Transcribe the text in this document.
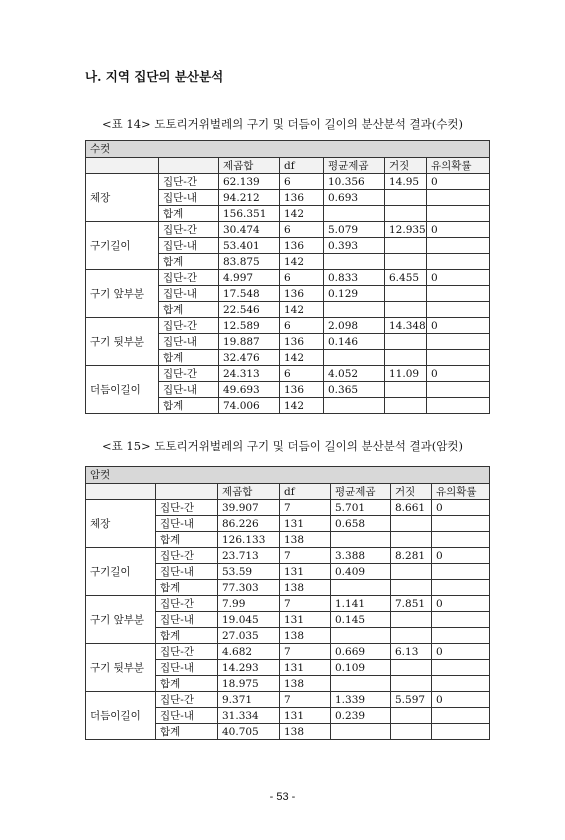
나. 지역 집단의 분산분석
<표 14> 도토리거위벌레의 구기 및 더듬이 길이의 분산분석 결과(수컷)
수컷						
		제곱합	df	평균제곱	거짓	유의확률
체장	집단-간	62.139	6	10.356	14.95	0
	집단-내	94.212	136	0.693		
	합계	156.351	142			
구기길이	집단-간	30.474	6	5.079	12.935	0
	집단-내	53.401	136	0.393		
	합계	83.875	142			
구기 앞부분	집단-간	4.997	6	0.833	6.455	0
	집단-내	17.548	136	0.129		
	합계	22.546	142			
구기 뒷부분	집단-간	12.589	6	2.098	14.348	0
	집단-내	19.887	136	0.146		
	합계	32.476	142			
더듬이길이	집단-간	24.313	6	4.052	11.09	0
	집단-내	49.693	136	0.365		
	합계	74.006	142			
<표 15> 도토리거위벌레의 구기 및 더듬이 길이의 분산분석 결과(암컷)
암컷						
		제곱합	df	평균제곱	거짓	유의확률
체장	집단-간	39.907	7	5.701	8.661	0
	집단-내	86.226	131	0.658		
	합계	126.133	138			
구기길이	집단-간	23.713	7	3.388	8.281	0
	집단-내	53.59	131	0.409		
	합계	77.303	138			
구기 앞부분	집단-간	7.99	7	1.141	7.851	0
	집단-내	19.045	131	0.145		
	합계	27.035	138			
구기 뒷부분	집단-간	4.682	7	0.669	6.13	0
	집단-내	14.293	131	0.109		
	합계	18.975	138			
더듬이길이	집단-간	9.371	7	1.339	5.597	0
	집단-내	31.334	131	0.239		
	합계	40.705	138			
- 53 -
